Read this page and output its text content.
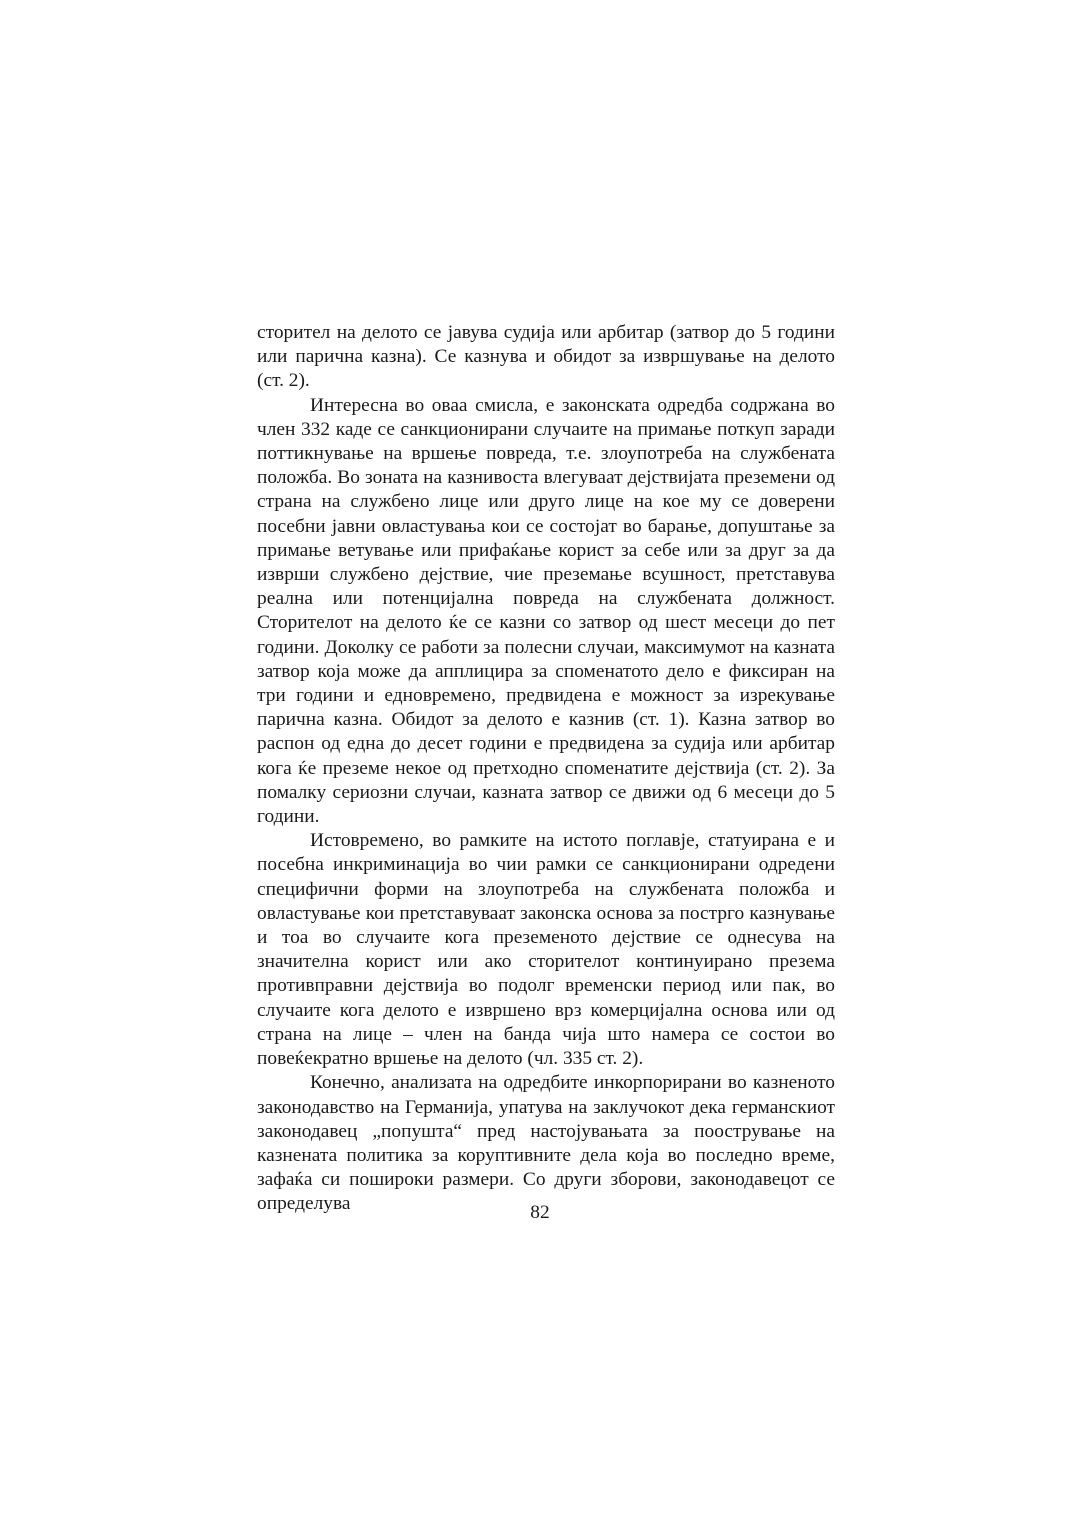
сторител на делото се јавува судија или арбитар (затвор до 5 години или парична казна). Се казнува и обидот за извршување на делото (ст. 2).

Интересна во оваа смисла, е законската одредба содржана во член 332 каде се санкционирани случаите на примање поткуп заради поттикнување на вршење повреда, т.е. злоупотреба на службената положба. Во зоната на казнивоста влегуваат дејствијата преземени од страна на службено лице или друго лице на кое му се доверени посебни јавни овластувања кои се состојат во барање, допуштање за примање ветување или прифаќање корист за себе или за друг за да изврши службено дејствие, чие преземање всушност, претставува реална или потенцијална повреда на службената должност. Сторителот на делото ќе се казни со затвор од шест месеци до пет години. Доколку се работи за полесни случаи, максимумот на казната затвор која може да апплицира за споменатото дело е фиксиран на три години и едновремено, предвидена е можност за изрекување парична казна. Обидот за делото е казнив (ст. 1). Казна затвор во распон од една до десет години е предвидена за судија или арбитар кога ќе преземе некое од претходно споменатите дејствија (ст. 2). За помалку сериозни случаи, казната затвор се движи од 6 месеци до 5 години.

Истовремено, во рамките на истото поглавје, статуирана е и посебна инкриминација во чии рамки се санкционирани одредени специфични форми на злоупотреба на службената положба и овластување кои претставуваат законска основа за пострго казнување и тоа во случаите кога преземеното дејствие се однесува на значителна корист или ако сторителот континуирано презема противправни дејствија во подолг временски период или пак, во случаите кога делото е извршено врз комерцијална основа или од страна на лице – член на банда чија што намера се состои во повеќекратно вршење на делото (чл. 335 ст. 2).

Конечно, анализата на одредбите инкорпорирани во казненото законодавство на Германија, упатува на заклучокот дека германскиот законодавец „попушта“ пред настојувањата за поострување на казнената политика за коруптивните дела која во последно време, зафаќа си пошироки размери. Со други зборови, законодавецот се определува	82
